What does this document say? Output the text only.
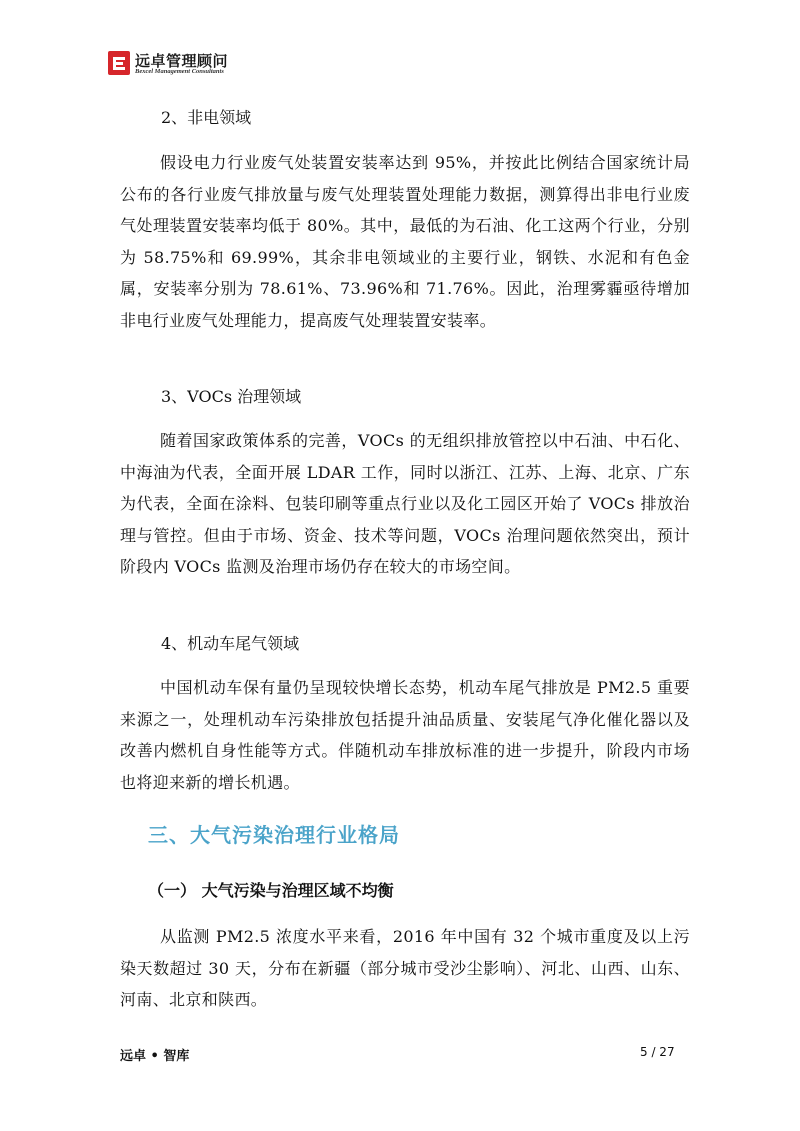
远卓管理顾问
Bexcel Management Consultants
2、非电领域

假设电力行业废气处装置安装率达到 95%，并按此比例结合国家统计局公布的各行业废气排放量与废气处理装置处理能力数据，测算得出非电行业废气处理装置安装率均低于 80%。其中，最低的为石油、化工这两个行业，分别为 58.75%和 69.99%，其余非电领域业的主要行业，钢铁、水泥和有色金属，安装率分别为 78.61%、73.96%和 71.76%。因此，治理雾霾亟待增加非电行业废气处理能力，提高废气处理装置安装率。

3、VOCs 治理领域

随着国家政策体系的完善，VOCs 的无组织排放管控以中石油、中石化、中海油为代表，全面开展 LDAR 工作，同时以浙江、江苏、上海、北京、广东为代表，全面在涂料、包装印刷等重点行业以及化工园区开始了 VOCs 排放治理与管控。但由于市场、资金、技术等问题，VOCs 治理问题依然突出，预计阶段内 VOCs 监测及治理市场仍存在较大的市场空间。

4、机动车尾气领域

中国机动车保有量仍呈现较快增长态势，机动车尾气排放是 PM2.5 重要来源之一，处理机动车污染排放包括提升油品质量、安装尾气净化催化器以及改善内燃机自身性能等方式。伴随机动车排放标准的进一步提升，阶段内市场也将迎来新的增长机遇。

三、大气污染治理行业格局
（一） 大气污染与治理区域不均衡

从监测 PM2.5 浓度水平来看，2016 年中国有 32 个城市重度及以上污染天数超过 30 天，分布在新疆（部分城市受沙尘影响）、河北、山西、山东、河南、北京和陕西。

远卓 • 智库	5 / 27
